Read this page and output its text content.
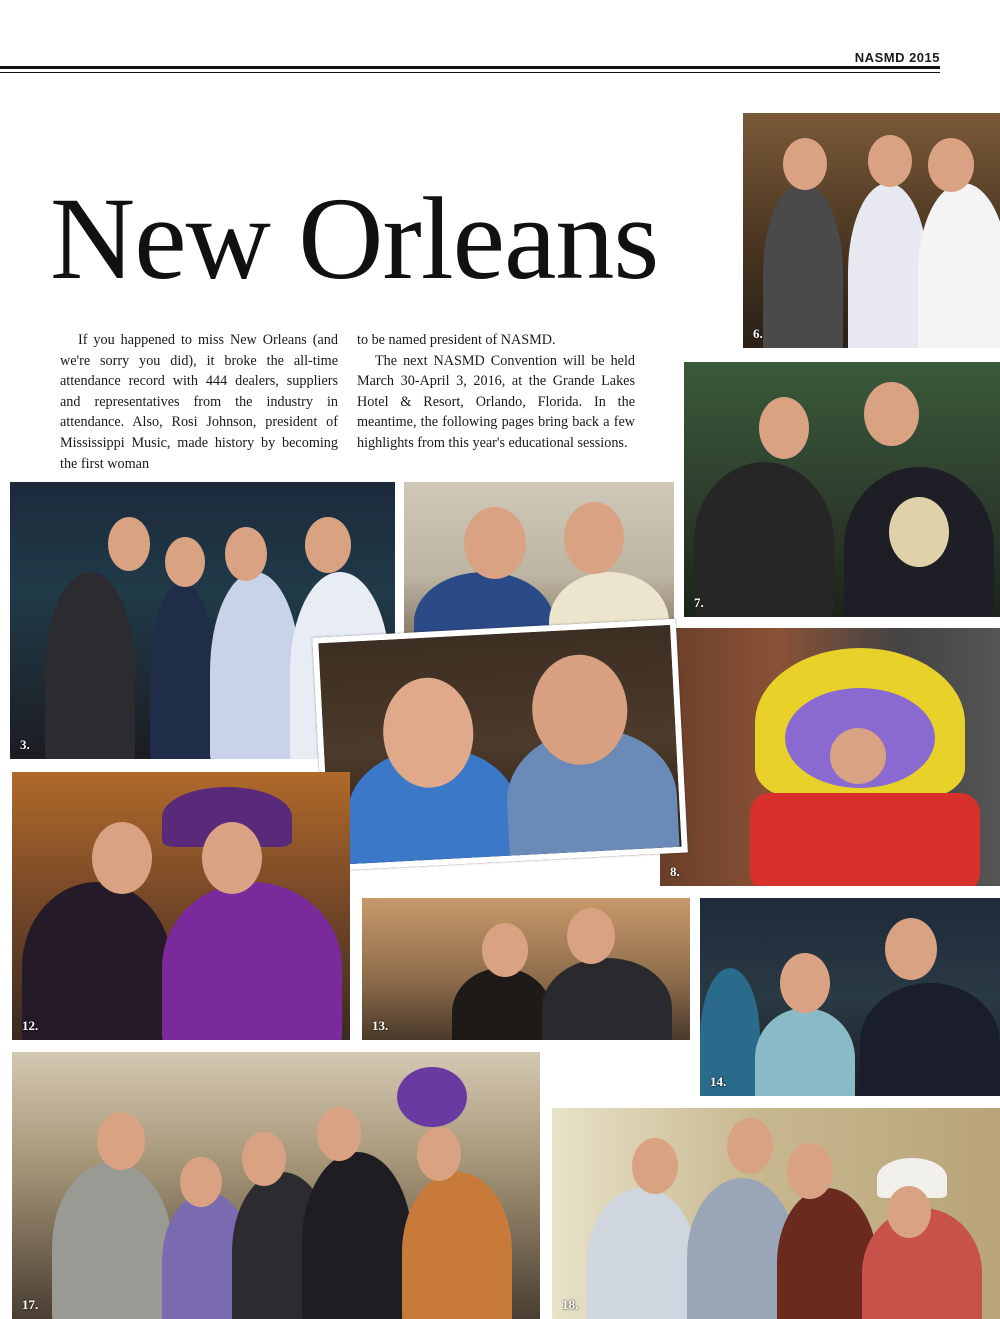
NASMD 2015
New Orleans

If you happened to miss New Orleans (and we're sorry you did), it broke the all-time attendance record with 444 dealers, suppliers and representatives from the industry in attendance. Also, Rosi Johnson, president of Mississippi Music, made history by becoming the first woman

to be named president of NASMD.

The next NASMD Convention will be held March 30-April 3, 2016, at the Grande Lakes Hotel & Resort, Orlando, Florida. In the meantime, the following pages bring back a few highlights from this year's educational sessions.

6.
7.
3.
8.
12.	13.
14.
17.	18.
